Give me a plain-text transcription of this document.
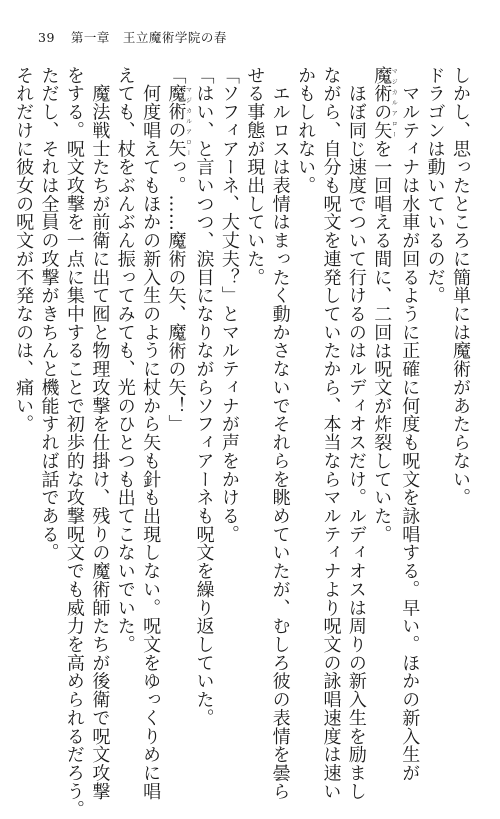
39 第一章　王立魔術学院の春
しかし、思ったところに簡単には魔術があたらない。
ドラゴンは動いているのだ。
　マルティナは水車が回るように正確に何度も呪文を詠唱する。早い。ほかの新入生が
魔術の矢マジカルアローを一回唱える間に、二回は呪文が炸裂していた。
　ほぼ同じ速度でついて行けるのはルディオスだけ。ルディオスは周りの新入生を励まし
ながら、自分も呪文を連発していたから、本当ならマルティナより呪文の詠唱速度は速い
かもしれない。
　エルロスは表情はまったく動かさないでそれらを眺めていたが、むしろ彼の表情を曇ら
せる事態が現出していた。
「ソフィアーネ、大丈夫？」とマルティナが声をかける。
「はい、と言いつつ、涙目になりながらソフィアーネも呪文を繰り返していた。
「魔術の矢マジカルアローっ。……魔術の矢、魔術の矢！」
　何度唱えてもほかの新入生のように杖から矢も針も出現しない。呪文をゆっくりめに唱
えても、杖をぶんぶん振ってみても、光のひとつも出てこないでいた。
　魔法戦士たちが前衛に出て囮と物理攻撃を仕掛け、残りの魔術師たちが後衛で呪文攻撃
をする。呪文攻撃を一点に集中することで初歩的な攻撃呪文でも威力を高められるだろう。
ただし、それは全員の攻撃がきちんと機能すれば話である。
それだけに彼女の呪文が不発なのは、痛い。
